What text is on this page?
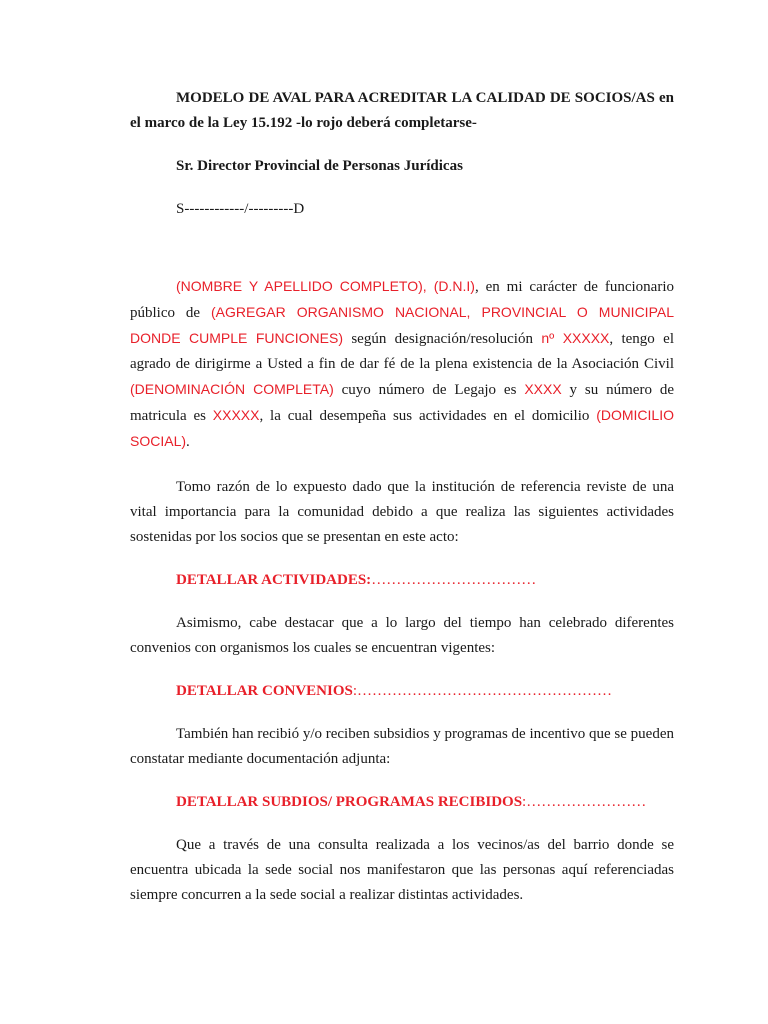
MODELO DE AVAL PARA ACREDITAR LA CALIDAD DE SOCIOS/AS en el marco de la Ley 15.192 -lo rojo deberá completarse-

Sr. Director Provincial de Personas Jurídicas

S------------/---------D

(NOMBRE Y APELLIDO COMPLETO), (D.N.I), en mi carácter de funcionario público de (AGREGAR ORGANISMO NACIONAL, PROVINCIAL O MUNICIPAL DONDE CUMPLE FUNCIONES) según designación/resolución nº XXXXX, tengo el agrado de dirigirme a Usted a fin de dar fé de la plena existencia de la Asociación Civil (DENOMINACIÓN COMPLETA) cuyo número de Legajo es XXXX y su número de matricula es XXXXX, la cual desempeña sus actividades en el domicilio (DOMICILIO SOCIAL).

Tomo razón de lo expuesto dado que la institución de referencia reviste de una vital importancia para la comunidad debido a que realiza las siguientes actividades sostenidas por los socios que se presentan en este acto:

DETALLAR ACTIVIDADES:……………………………

Asimismo, cabe destacar que a lo largo del tiempo han celebrado diferentes convenios con organismos los cuales se encuentran vigentes:

DETALLAR CONVENIOS:……………………………………………

También han recibió y/o reciben subsidios y programas de incentivo que se pueden constatar mediante documentación adjunta:

DETALLAR SUBDIOS/ PROGRAMAS RECIBIDOS:……………………

Que a través de una consulta realizada a los vecinos/as del barrio donde se encuentra ubicada la sede social nos manifestaron que las personas aquí referenciadas siempre concurren a la sede social a realizar distintas actividades.
